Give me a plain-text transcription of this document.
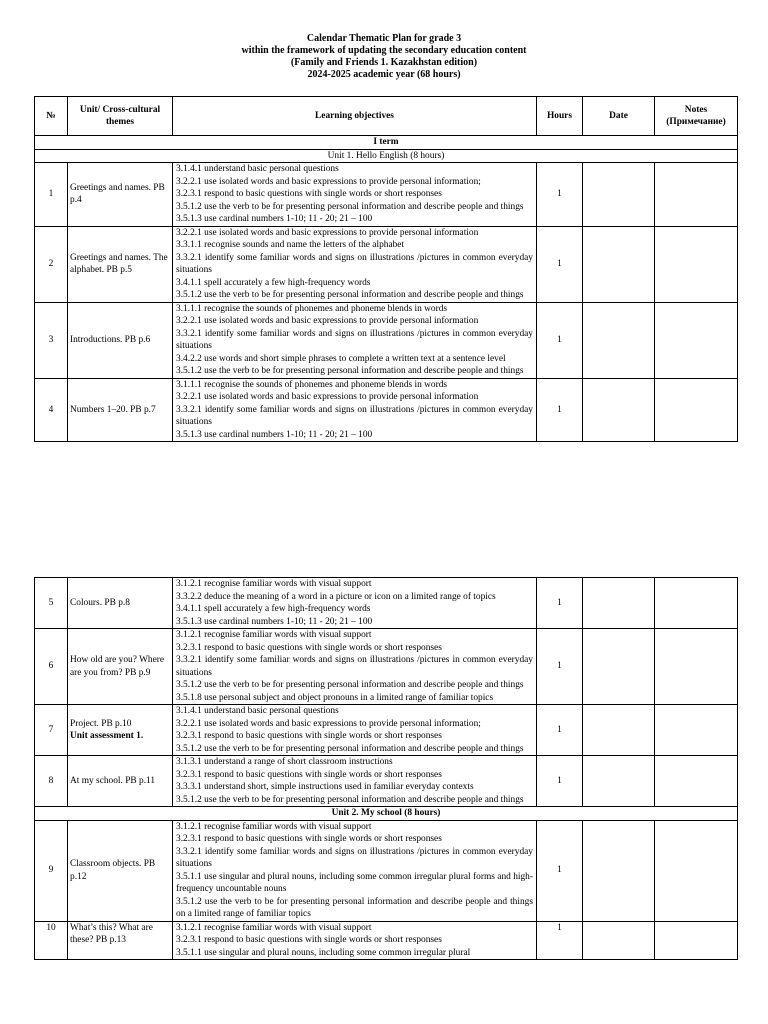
Calendar Thematic Plan for grade 3
within the framework of updating the secondary education content
(Family and Friends 1. Kazakhstan edition)
2024-2025 academic year (68 hours)
№	Unit/ Cross-cultural themes	Learning objectives	Hours	Date	Notes (Примечание)
I term					
Unit 1. Hello English (8 hours)					
1	Greetings and names. PB p.4	3.1.4.1 understand basic personal questions
3.2.2.1 use isolated words and basic expressions to provide personal information;
3.2.3.1 respond to basic questions with single words or short responses
3.5.1.2 use the verb to be for presenting personal information and describe people and things
3.5.1.3 use cardinal numbers 1-10; 11 - 20; 21 – 100	1		
2	Greetings and names. The alphabet. PB p.5	3.2.2.1 use isolated words and basic expressions to provide personal information
3.3.1.1 recognise sounds and name the letters of the alphabet
3.3.2.1 identify some familiar words and signs on illustrations /pictures in common everyday situations
3.4.1.1 spell accurately a few high-frequency words
3.5.1.2 use the verb to be for presenting personal information and describe people and things	1		
3	Introductions. PB p.6	3.1.1.1 recognise the sounds of phonemes and phoneme blends in words
3.2.2.1 use isolated words and basic expressions to provide personal information
3.3.2.1 identify some familiar words and signs on illustrations /pictures in common everyday situations
3.4.2.2 use words and short simple phrases to complete a written text at a sentence level
3.5.1.2 use the verb to be for presenting personal information and describe people and things	1		
4	Numbers 1–20. PB p.7	3.1.1.1 recognise the sounds of phonemes and phoneme blends in words
3.2.2.1 use isolated words and basic expressions to provide personal information
3.3.2.1 identify some familiar words and signs on illustrations /pictures in common everyday situations
3.5.1.3 use cardinal numbers 1-10; 11 - 20; 21 – 100	1		
5	Colours. PB p.8	3.1.2.1 recognise familiar words with visual support
3.3.2.2 deduce the meaning of a word in a picture or icon on a limited range of topics
3.4.1.1 spell accurately a few high-frequency words
3.5.1.3 use cardinal numbers 1-10; 11 - 20; 21 – 100	1		
6	How old are you? Where are you from? PB p.9	3.1.2.1 recognise familiar words with visual support
3.2.3.1 respond to basic questions with single words or short responses
3.3.2.1 identify some familiar words and signs on illustrations /pictures in common everyday situations
3.5.1.2 use the verb to be for presenting personal information and describe people and things
3.5.1.8 use personal subject and object pronouns in a limited range of familiar topics	1		
7	Project. PB p.10
Unit assessment 1.	3.1.4.1 understand basic personal questions
3.2.2.1 use isolated words and basic expressions to provide personal information;
3.2.3.1 respond to basic questions with single words or short responses
3.5.1.2 use the verb to be for presenting personal information and describe people and things	1		
8	At my school. PB p.11	3.1.3.1 understand a range of short classroom instructions
3.2.3.1 respond to basic questions with single words or short responses
3.3.3.1 understand short, simple instructions used in familiar everyday contexts
3.5.1.2 use the verb to be for presenting personal information and describe people and things	1		
Unit 2. My school (8 hours)					
9	Classroom objects. PB p.12	3.1.2.1 recognise familiar words with visual support
3.2.3.1 respond to basic questions with single words or short responses
3.3.2.1 identify some familiar words and signs on illustrations /pictures in common everyday situations
3.5.1.1 use singular and plural nouns, including some common irregular plural forms and high-frequency uncountable nouns
3.5.1.2 use the verb to be for presenting personal information and describe people and things on a limited range of familiar topics	1		
10	What’s this? What are these? PB p.13	3.1.2.1 recognise familiar words with visual support
3.2.3.1 respond to basic questions with single words or short responses
3.5.1.1 use singular and plural nouns, including some common irregular plural	1		
